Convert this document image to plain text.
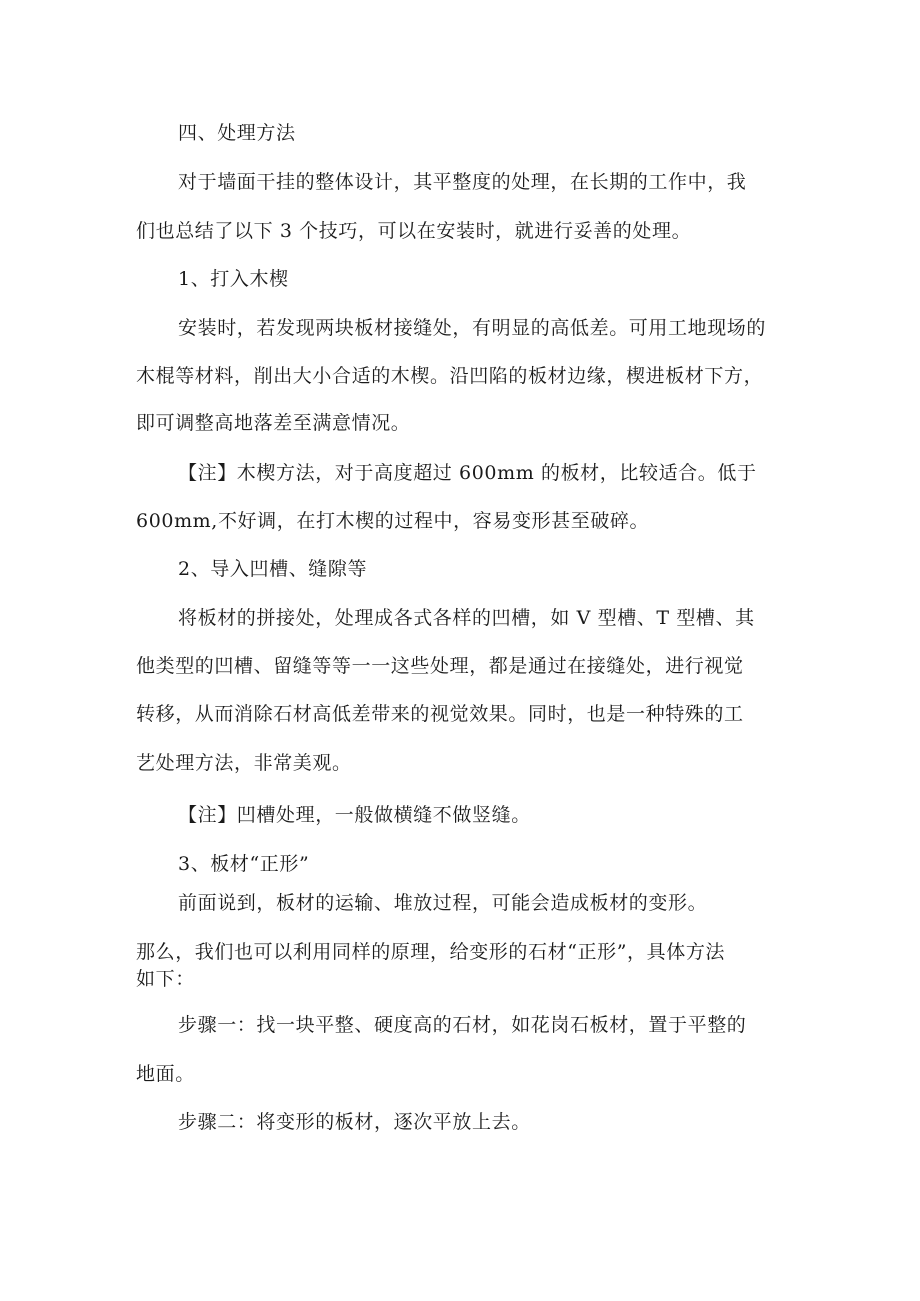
四、处理方法
对于墙面干挂的整体设计，其平整度的处理，在长期的工作中，我
们也总结了以下 3 个技巧，可以在安装时，就进行妥善的处理。
1、打入木楔
安装时，若发现两块板材接缝处，有明显的高低差。可用工地现场的
木棍等材料，削出大小合适的木楔。沿凹陷的板材边缘，楔进板材下方，
即可调整高地落差至满意情况。
【注】木楔方法，对于高度超过 600mm 的板材，比较适合。低于
600mm,不好调，在打木楔的过程中，容易变形甚至破碎。
2、导入凹槽、缝隙等
将板材的拼接处，处理成各式各样的凹槽，如 V 型槽、T 型槽、其
他类型的凹槽、留缝等等一一这些处理，都是通过在接缝处，进行视觉
转移，从而消除石材高低差带来的视觉效果。同时，也是一种特殊的工
艺处理方法，非常美观。
【注】凹槽处理，一般做横缝不做竖缝。
3、板材“正形”
前面说到，板材的运输、堆放过程，可能会造成板材的变形。
那么，我们也可以利用同样的原理，给变形的石材“正形”，具体方法
如下：
步骤一：找一块平整、硬度高的石材，如花岗石板材，置于平整的
地面。
步骤二：将变形的板材，逐次平放上去。
